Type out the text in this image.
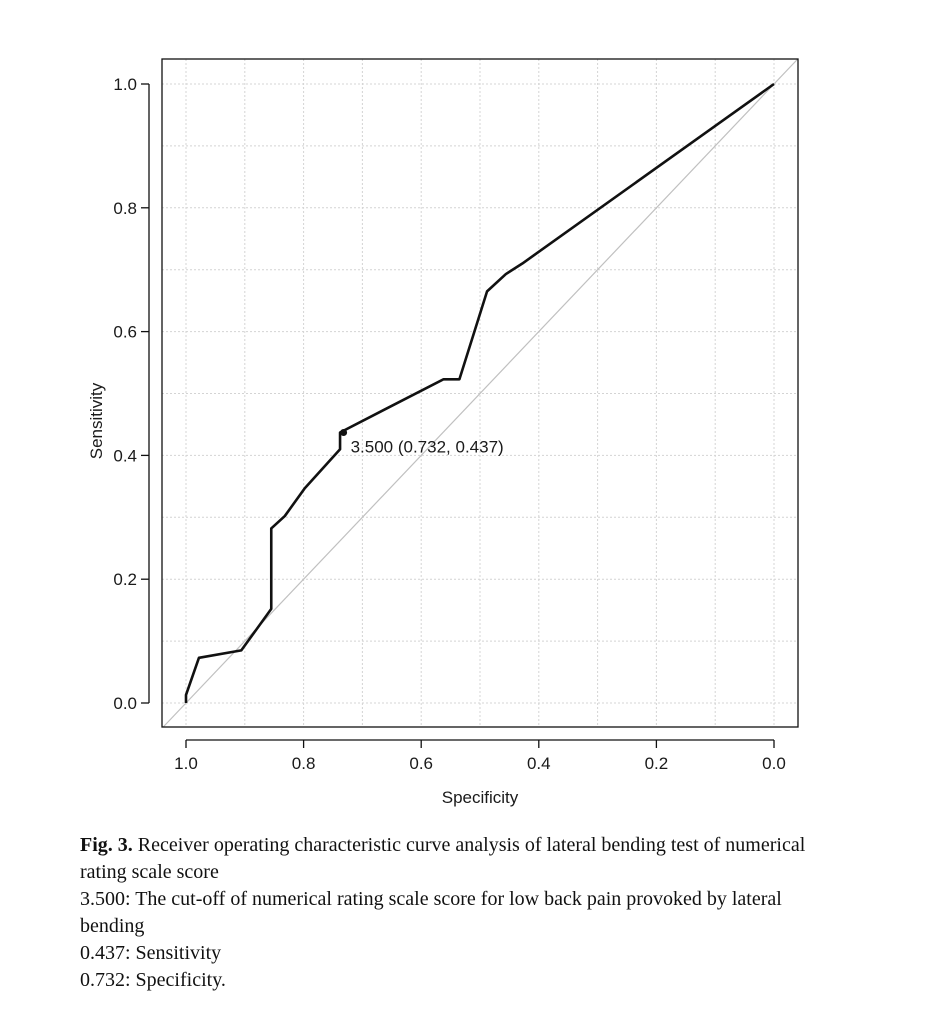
3.500 (0.732, 0.437)
1.0	0.8	0.6	0.4	0.2	0.0
0.0
0.2
0.4
0.6
0.8
1.0
Specificity
Sensitivity

Fig. 3. Receiver operating characteristic curve analysis of lateral bending test of numerical rating scale score

3.500: The cut-off of numerical rating scale score for low back pain provoked by lateral bending

0.437: Sensitivity

0.732: Specificity.
